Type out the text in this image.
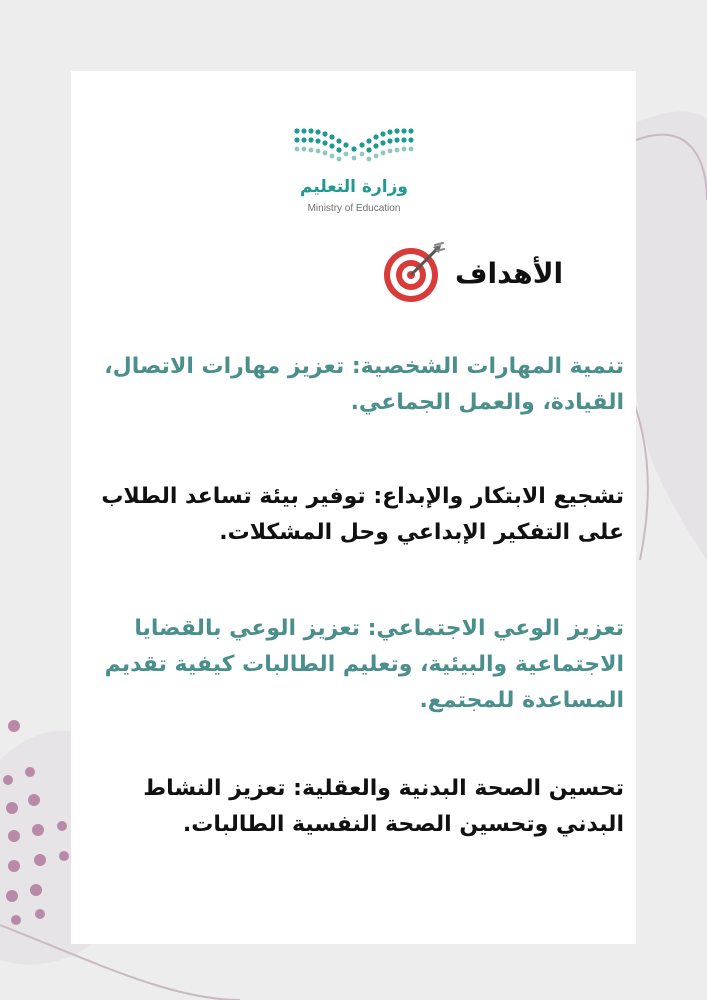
وزارة التعليم
Ministry of Education
الأهداف
تنمية المهارات الشخصية: تعزيز مهارات الاتصال، القيادة، والعمل الجماعي.
تشجيع الابتكار والإبداع: توفير بيئة تساعد الطلاب على التفكير الإبداعي وحل المشكلات.
تعزيز الوعي الاجتماعي: تعزيز الوعي بالقضايا الاجتماعية والبيئية، وتعليم الطالبات كيفية تقديم المساعدة للمجتمع.
تحسين الصحة البدنية والعقلية: تعزيز النشاط البدني وتحسين الصحة النفسية الطالبات.
